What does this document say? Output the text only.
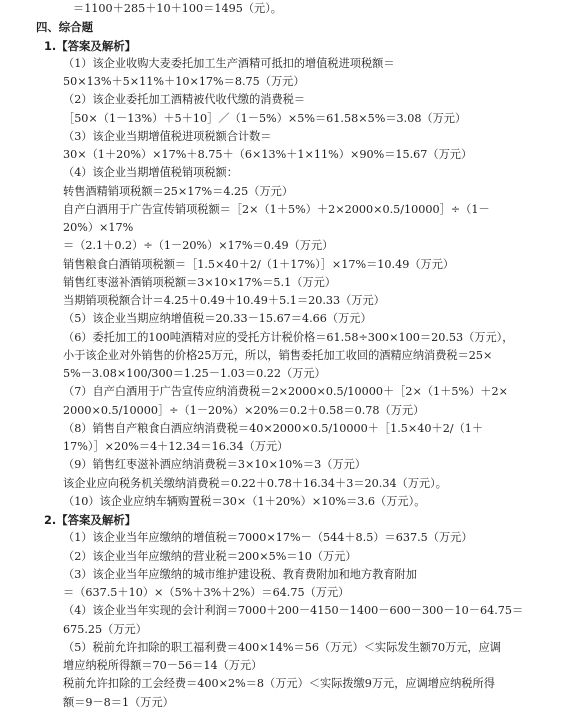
＝1100＋285＋10＋100＝1495（元）。
四、综合题
1.【答案及解析】
（1）该企业收购大麦委托加工生产酒精可抵扣的增值税进项税额＝
50×13%＋5×11%＋10×17%＝8.75（万元）
（2）该企业委托加工酒精被代收代缴的消费税＝
［50×（1－13%）＋5＋10］／（1－5%）×5%＝61.58×5%＝3.08（万元）
（3）该企业当期增值税进项税额合计数＝
30×（1＋20%）×17%＋8.75＋（6×13%＋1×11%）×90%＝15.67（万元）
（4）该企业当期增值税销项税额：
转售酒精销项税额＝25×17%＝4.25（万元）
自产白酒用于广告宣传销项税额＝［2×（1＋5%）＋2×2000×0.5/10000］÷（1－
20%）×17%
＝（2.1＋0.2）÷（1－20%）×17%＝0.49（万元）
销售粮食白酒销项税额＝［1.5×40＋2/（1＋17%）］×17%＝10.49（万元）
销售红枣滋补酒销项税额＝3×10×17%＝5.1（万元）
当期销项税额合计＝4.25＋0.49＋10.49＋5.1＝20.33（万元）
（5）该企业当期应纳增值税＝20.33－15.67＝4.66（万元）
（6）委托加工的100吨酒精对应的受托方计税价格＝61.58÷300×100＝20.53（万元），
小于该企业对外销售的价格25万元，所以，销售委托加工收回的酒精应纳消费税＝25×
5%－3.08×100/300＝1.25－1.03＝0.22（万元）
（7）自产白酒用于广告宣传应纳消费税＝2×2000×0.5/10000＋［2×（1＋5%）＋2×
2000×0.5/10000］÷（1－20%）×20%＝0.2＋0.58＝0.78（万元）
（8）销售自产粮食白酒应纳消费税＝40×2000×0.5/10000＋［1.5×40＋2/（1＋
17%）］×20%＝4＋12.34＝16.34（万元）
（9）销售红枣滋补酒应纳消费税＝3×10×10%＝3（万元）
该企业应向税务机关缴纳消费税＝0.22＋0.78＋16.34＋3＝20.34（万元）。
（10）该企业应纳车辆购置税＝30×（1＋20%）×10%＝3.6（万元）。
2.【答案及解析】
（1）该企业当年应缴纳的增值税＝7000×17%－（544＋8.5）＝637.5（万元）
（2）该企业当年应缴纳的营业税＝200×5%＝10（万元）
（3）该企业当年应缴纳的城市维护建设税、教育费附加和地方教育附加
＝（637.5＋10）×（5%＋3%＋2%）＝64.75（万元）
（4）该企业当年实现的会计利润＝7000＋200－4150－1400－600－300－10－64.75＝
675.25（万元）
（5）税前允许扣除的职工福利费＝400×14%＝56（万元）＜实际发生额70万元，应调
增应纳税所得额＝70－56＝14（万元）
税前允许扣除的工会经费＝400×2%＝8（万元）＜实际拨缴9万元，应调增应纳税所得
额＝9－8＝1（万元）
